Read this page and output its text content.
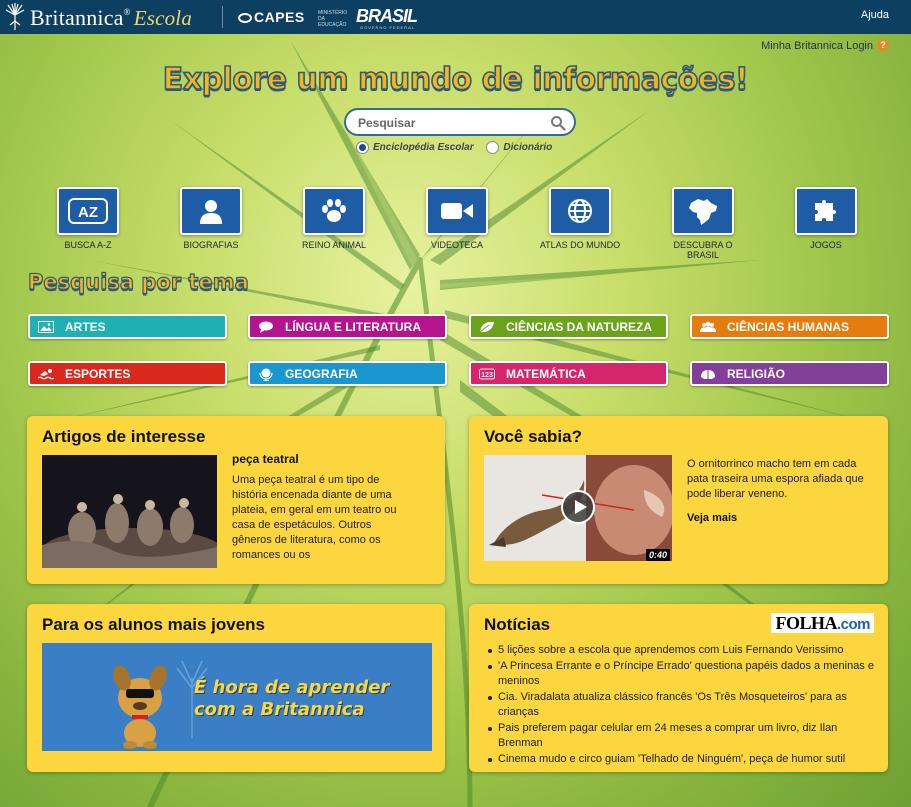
Britannica® Escola	CAPES	MINISTÉRIO DA EDUCAÇÃO BRASIL
GOVERNO FEDERAL
Ajuda
Minha Britannica Login ?
Explore um mundo de informações!
Pesquisar
Enciclopédia Escolar	Dicionário
AZ
BUSCA A-Z	BIOGRAFIAS	REINO ANIMAL	VIDEOTECA	ATLAS DO MUNDO	DESCUBRA O BRASIL
JOGOS
Pesquisa por tema
ARTES	LÍNGUA E LITERATURA	CIÊNCIAS DA NATUREZA	CIÊNCIAS HUMANAS
ESPORTES	GEOGRAFIA	123 MATEMÁTICA	RELIGIÃO
Artigos de interesse
peça teatral
Uma peça teatral é um tipo de história encenada diante de uma plateia, em geral em um teatro ou casa de espetáculos. Outros gêneros de literatura, como os romances ou os
Você sabia?
0:40
O ornitorrinco macho tem em cada pata traseira uma espora afiada que pode liberar veneno.
Veja mais
Para os alunos mais jovens
É hora de aprender
com a Britannica
Notícias	FOLHA.com
5 lições sobre a escola que aprendemos com Luis Fernando Verissimo
'A Princesa Errante e o Príncipe Errado' questiona papéis dados a meninas e meninos
Cia. Viradalata atualiza clássico francês 'Os Três Mosqueteiros' para as crianças
Pais preferem pagar celular em 24 meses a comprar um livro, diz Ilan Brenman
Cinema mudo e circo guiam 'Telhado de Ninguém', peça de humor sutil
